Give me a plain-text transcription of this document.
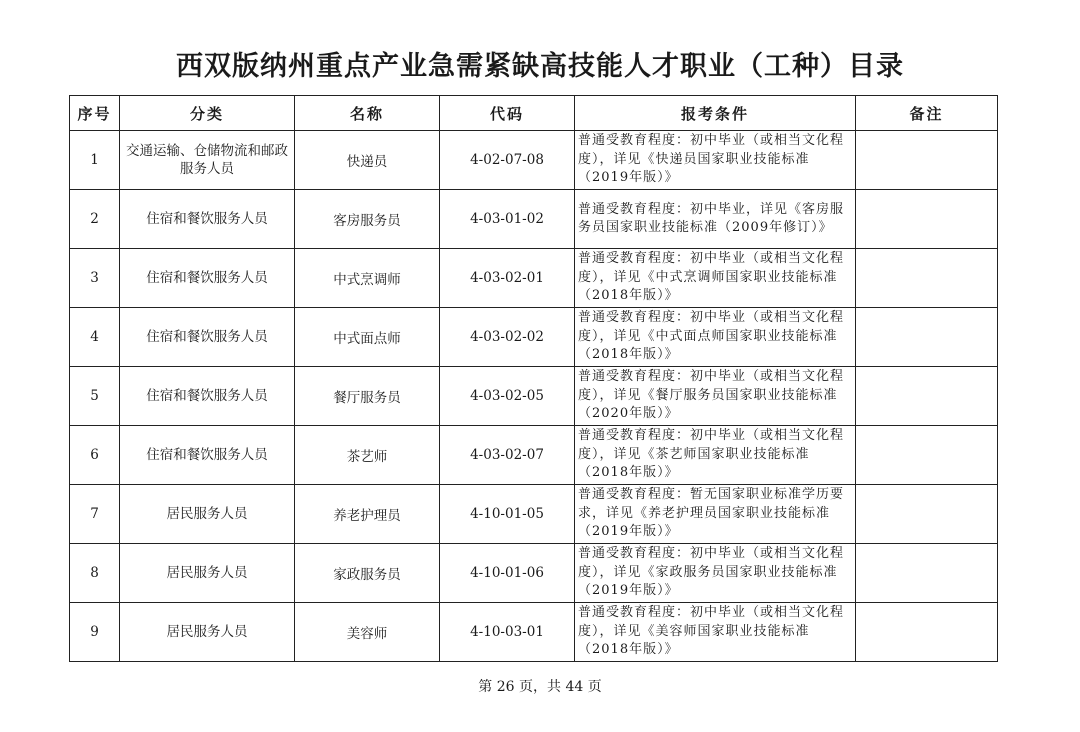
西双版纳州重点产业急需紧缺高技能人才职业（工种）目录
序号	分类	名称	代码	报考条件	备注
1	交通运输、仓储物流和邮政服务人员	快递员	4-02-07-08	普通受教育程度：初中毕业（或相当文化程度），详见《快递员国家职业技能标准（2019年版）》	
2	住宿和餐饮服务人员	客房服务员	4-03-01-02	普通受教育程度：初中毕业，详见《客房服务员国家职业技能标准（2009年修订）》	
3	住宿和餐饮服务人员	中式烹调师	4-03-02-01	普通受教育程度：初中毕业（或相当文化程度），详见《中式烹调师国家职业技能标准（2018年版）》	
4	住宿和餐饮服务人员	中式面点师	4-03-02-02	普通受教育程度：初中毕业（或相当文化程度），详见《中式面点师国家职业技能标准（2018年版）》	
5	住宿和餐饮服务人员	餐厅服务员	4-03-02-05	普通受教育程度：初中毕业（或相当文化程度），详见《餐厅服务员国家职业技能标准（2020年版）》	
6	住宿和餐饮服务人员	茶艺师	4-03-02-07	普通受教育程度：初中毕业（或相当文化程度），详见《茶艺师国家职业技能标准（2018年版）》	
7	居民服务人员	养老护理员	4-10-01-05	普通受教育程度：暂无国家职业标准学历要求，详见《养老护理员国家职业技能标准（2019年版）》	
8	居民服务人员	家政服务员	4-10-01-06	普通受教育程度：初中毕业（或相当文化程度），详见《家政服务员国家职业技能标准（2019年版）》	
9	居民服务人员	美容师	4-10-03-01	普通受教育程度：初中毕业（或相当文化程度），详见《美容师国家职业技能标准（2018年版）》	
第 26 页，共 44 页
